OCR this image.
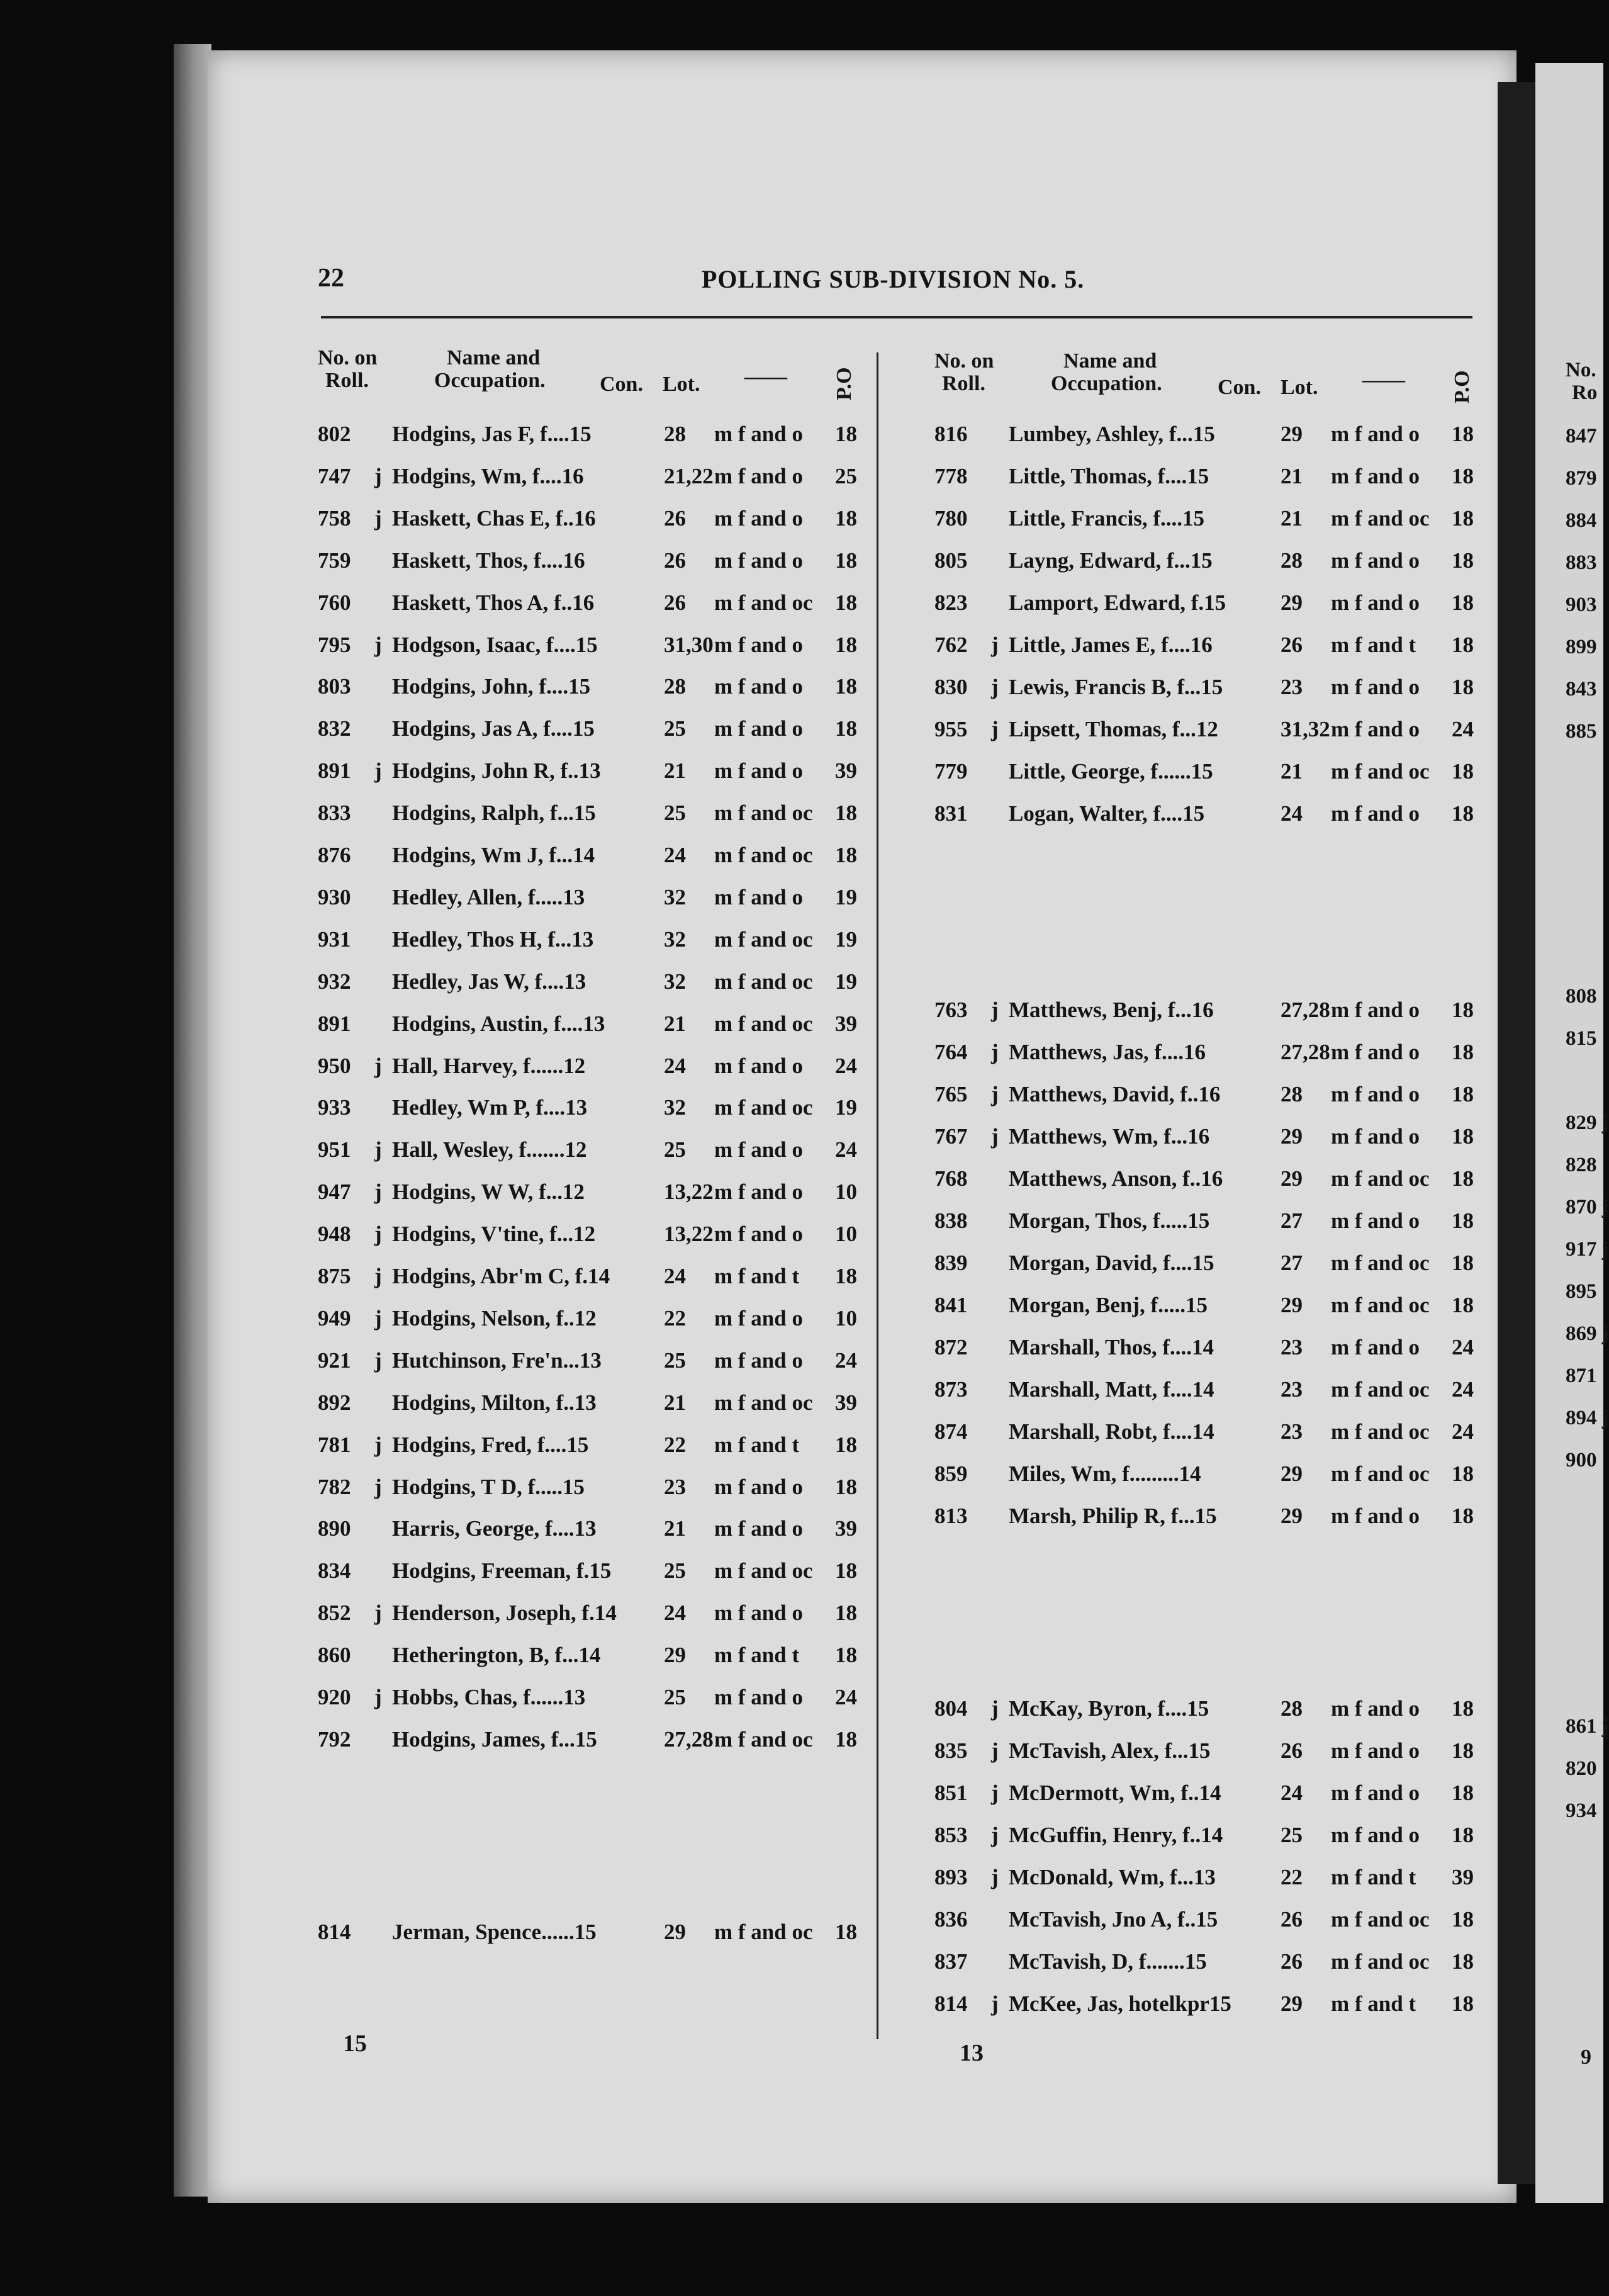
22	POLLING SUB-DIVISION No. 5.
No. on
Roll.
Name and
Occupation.	Con. Lot. —— P.O
802 Hodgins, Jas F, f....15	28 m f and o 18
747 j Hodgins, Wm, f....16	21,22 m f and o 25
758 j Haskett, Chas E, f..16	26 m f and o 18
759 Haskett, Thos, f....16	26 m f and o 18
760 Haskett, Thos A, f..16	26 m f and oc 18
795 j Hodgson, Isaac, f....15	31,30 m f and o 18
803 Hodgins, John, f....15	28 m f and o 18
832 Hodgins, Jas A, f....15	25 m f and o 18
891 j Hodgins, John R, f..13	21 m f and o 39
833 Hodgins, Ralph, f...15	25 m f and oc 18
876 Hodgins, Wm J, f...14	24 m f and oc 18
930 Hedley, Allen, f.....13	32 m f and o 19
931 Hedley, Thos H, f...13	32 m f and oc 19
932 Hedley, Jas W, f....13	32 m f and oc 19
891 Hodgins, Austin, f....13	21 m f and oc 39
950 j Hall, Harvey, f......12	24 m f and o 24
933 Hedley, Wm P, f....13	32 m f and oc 19
951 j Hall, Wesley, f.......12	25 m f and o 24
947 j Hodgins, W W, f...12	13,22 m f and o 10
948 j Hodgins, V'tine, f...12	13,22 m f and o 10
875 j Hodgins, Abr'm C, f.14 24 m f and t 18
949 j Hodgins, Nelson, f..12	22 m f and o 10
921 j Hutchinson, Fre'n...13	25 m f and o 24
892 Hodgins, Milton, f..13	21 m f and oc 39
781 j Hodgins, Fred, f....15	22 m f and t 18
782 j Hodgins, T D, f.....15	23 m f and o 18
890 Harris, George, f....13	21 m f and o 39
834 Hodgins, Freeman, f.15 25 m f and oc 18
852 j Henderson, Joseph, f.14 24 m f and o 18
860 Hetherington, B, f...14	29 m f and t 18
920 j Hobbs, Chas, f......13	25 m f and o 24
792 Hodgins, James, f...15	27,28 m f and oc 18
814 Jerman, Spence......15	29 m f and oc 18
15
No. on
Roll.
Name and
Occupation.	Con. Lot. —— P.O
816 Lumbey, Ashley, f...15	29 m f and o 18
778 Little, Thomas, f....15	21 m f and o 18
780 Little, Francis, f....15	21 m f and oc 18
805 Layng, Edward, f...15	28 m f and o 18
823 Lamport, Edward, f.15 29 m f and o 18
762 j Little, James E, f....16	26 m f and t 18
830 j Lewis, Francis B, f...15	23 m f and o 18
955 j Lipsett, Thomas, f...12	31,32 m f and o 24
779 Little, George, f......15	21 m f and oc 18
831 Logan, Walter, f....15	24 m f and o 18
763 j Matthews, Benj, f...16	27,28 m f and o 18
764 j Matthews, Jas, f....16	27,28 m f and o 18
765 j Matthews, David, f..16	28 m f and o 18
767 j Matthews, Wm, f...16	29 m f and o 18
768 Matthews, Anson, f..16	29 m f and oc 18
838 Morgan, Thos, f.....15	27 m f and o 18
839 Morgan, David, f....15	27 m f and oc 18
841 Morgan, Benj, f.....15	29 m f and oc 18
872 Marshall, Thos, f....14	23 m f and o 24
873 Marshall, Matt, f....14	23 m f and oc 24
874 Marshall, Robt, f....14	23 m f and oc 24
859 Miles, Wm, f.........14	29 m f and oc 18
813 Marsh, Philip R, f...15	29 m f and o 18
804 j McKay, Byron, f....15	28 m f and o 18
835 j McTavish, Alex, f...15	26 m f and o 18
851 j McDermott, Wm, f..14	24 m f and o 18
853 j McGuffin, Henry, f..14	25 m f and o 18
893 j McDonald, Wm, f...13	22 m f and t 39
836 McTavish, Jno A, f..15	26 m f and oc 18
837 McTavish, D, f.......15	26 m f and oc 18
814 j McKee, Jas, hotelkpr15 29 m f and t 18
13
No.
Ro
847
879
884
883
903
899
843
885
808
815
829 j
828
870 j
917 j
895
869 j
871
894 j
900
861 j
820
934
9
